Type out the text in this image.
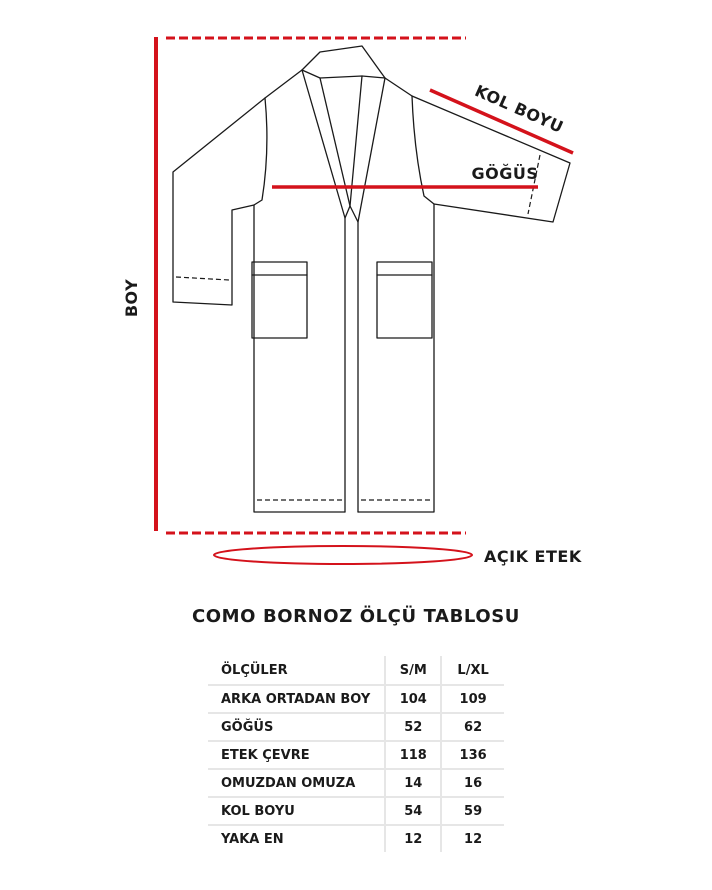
BOY
KOL BOYU
GÖĞÜS
AÇIK ETEK
COMO BORNOZ ÖLÇÜ TABLOSU
ÖLÇÜLER	S/M	L/XL
ARKA ORTADAN BOY	104	109
GÖĞÜS	52	62
ETEK ÇEVRE	118	136
OMUZDAN OMUZA	14	16
KOL BOYU	54	59
YAKA EN	12	12
